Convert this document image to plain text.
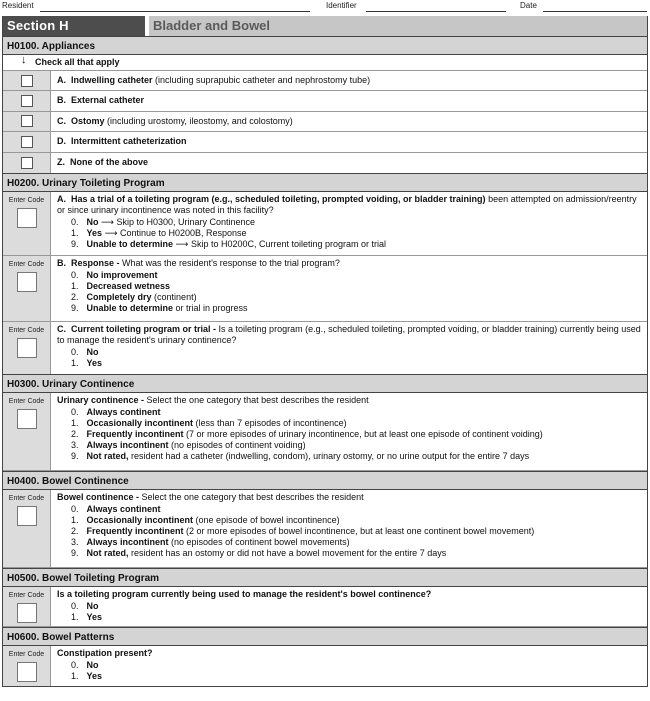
Resident	Identifier	Date
Section H	Bladder and Bowel
H0100. Appliances
↓ Check all that apply
A. Indwelling catheter (including suprapubic catheter and nephrostomy tube)
B. External catheter
C. Ostomy (including urostomy, ileostomy, and colostomy)
D. Intermittent catheterization
Z. None of the above
H0200. Urinary Toileting Program
Enter Code	A. Has a trial of a toileting program (e.g., scheduled toileting, prompted voiding, or bladder training) been attempted on admission/reentry or since urinary incontinence was noted in this facility?
0. No ⟶ Skip to H0300, Urinary Continence
1. Yes ⟶ Continue to H0200B, Response
9. Unable to determine ⟶ Skip to H0200C, Current toileting program or trial
Enter Code	B. Response - What was the resident's response to the trial program?
0. No improvement
1. Decreased wetness
2. Completely dry (continent)
9. Unable to determine or trial in progress
Enter Code	C. Current toileting program or trial - Is a toileting program (e.g., scheduled toileting, prompted voiding, or bladder training) currently being used to manage the resident's urinary continence?
0. No
1. Yes
H0300. Urinary Continence
Enter Code	Urinary continence - Select the one category that best describes the resident
0. Always continent
1. Occasionally incontinent (less than 7 episodes of incontinence)
2. Frequently incontinent (7 or more episodes of urinary incontinence, but at least one episode of continent voiding)
3. Always incontinent (no episodes of continent voiding)
9. Not rated, resident had a catheter (indwelling, condom), urinary ostomy, or no urine output for the entire 7 days
H0400. Bowel Continence
Enter Code	Bowel continence - Select the one category that best describes the resident
0. Always continent
1. Occasionally incontinent (one episode of bowel incontinence)
2. Frequently incontinent (2 or more episodes of bowel incontinence, but at least one continent bowel movement)
3. Always incontinent (no episodes of continent bowel movements)
9. Not rated, resident has an ostomy or did not have a bowel movement for the entire 7 days
H0500. Bowel Toileting Program
Enter Code	Is a toileting program currently being used to manage the resident's bowel continence?
0. No
1. Yes
H0600. Bowel Patterns
Enter Code	Constipation present?
0. No
1. Yes
